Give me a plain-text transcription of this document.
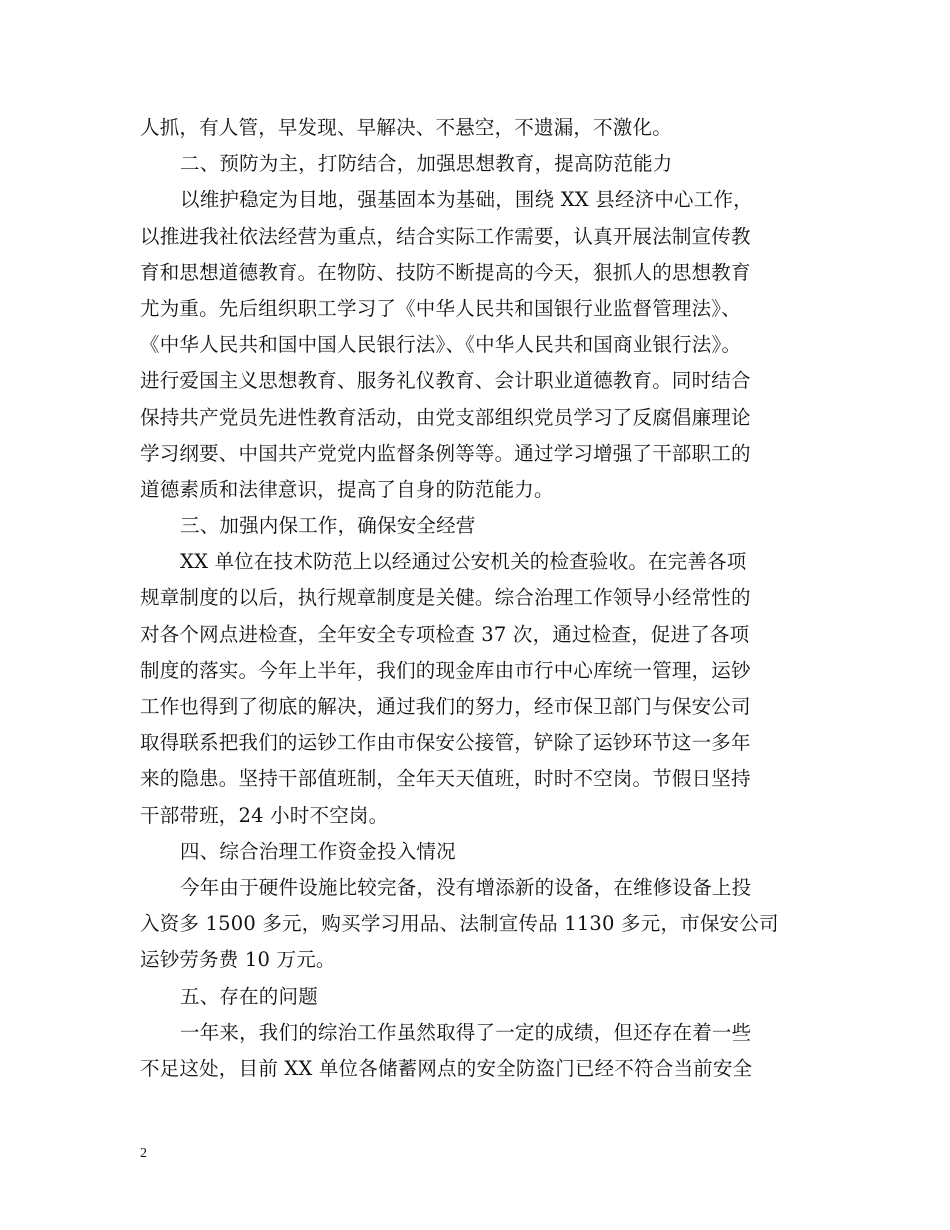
人抓，有人管，早发现、早解决、不悬空，不遗漏，不激化。
二、预防为主，打防结合，加强思想教育，提高防范能力
以维护稳定为目地，强基固本为基础，围绕 XX 县经济中心工作，
以推进我社依法经营为重点，结合实际工作需要，认真开展法制宣传教
育和思想道德教育。在物防、技防不断提高的今天，狠抓人的思想教育
尤为重。先后组织职工学习了《中华人民共和国银行业监督管理法》、
《中华人民共和国中国人民银行法》、《中华人民共和国商业银行法》。
进行爱国主义思想教育、服务礼仪教育、会计职业道德教育。同时结合
保持共产党员先进性教育活动，由党支部组织党员学习了反腐倡廉理论
学习纲要、中国共产党党内监督条例等等。通过学习增强了干部职工的
道德素质和法律意识，提高了自身的防范能力。
三、加强内保工作，确保安全经营
XX 单位在技术防范上以经通过公安机关的检查验收。在完善各项
规章制度的以后，执行规章制度是关健。综合治理工作领导小经常性的
对各个网点进检查，全年安全专项检查 37 次，通过检查，促进了各项
制度的落实。今年上半年，我们的现金库由市行中心库统一管理，运钞
工作也得到了彻底的解决，通过我们的努力，经市保卫部门与保安公司
取得联系把我们的运钞工作由市保安公接管，铲除了运钞环节这一多年
来的隐患。坚持干部值班制，全年天天值班，时时不空岗。节假日坚持
干部带班，24 小时不空岗。
四、综合治理工作资金投入情况
今年由于硬件设施比较完备，没有增添新的设备，在维修设备上投
入资多 1500 多元，购买学习用品、法制宣传品 1130 多元，市保安公司
运钞劳务费 10 万元。
五、存在的问题
一年来，我们的综治工作虽然取得了一定的成绩，但还存在着一些
不足这处，目前 XX 单位各储蓄网点的安全防盗门已经不符合当前安全
2
